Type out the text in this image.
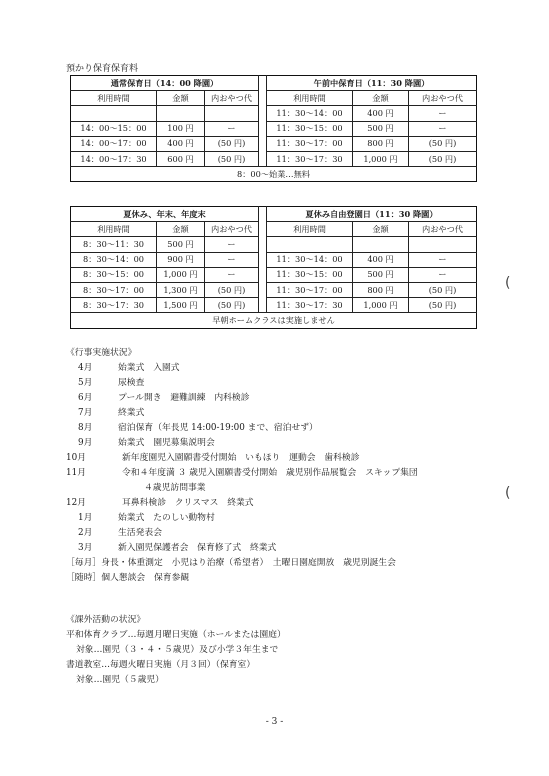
預かり保育保育料
通常保育日（14：00 降園）				午前中保育日（11：30 降園）		
利用時間	金額	内おやつ代		利用時間	金額	内おやつ代
				11：30〜14：00	400 円	ー
14：00〜15：00	100 円	ー		11：30〜15：00	500 円	ー
14：00〜17：00	400 円	(50 円)		11：30〜17：00	800 円	(50 円)
14：00〜17：30	600 円	(50 円)		11：30〜17：30	1,000 円	(50 円)
8：00〜始業…無料						
夏休み、年末、年度末				夏休み自由登園日（11：30 降園）		
利用時間	金額	内おやつ代		利用時間	金額	内おやつ代
8：30〜11：30	500 円	ー				
8：30〜14：00	900 円	ー		11：30〜14：00	400 円	ー
8：30〜15：00	1,000 円	ー		11：30〜15：00	500 円	ー
8：30〜17：00	1,300 円	(50 円)		11：30〜17：00	800 円	(50 円)
8：30〜17：30	1,500 円	(50 円)		11：30〜17：30	1,000 円	(50 円)
早朝ホームクラスは実施しません						
《行事実施状況》
4月	始業式　入園式
5月	尿検査
6月	プール開き　避難訓練　内科検診
7月	終業式
8月	宿泊保育（年長児 14:00-19:00 まで、宿泊せず）
9月	始業式　園児募集説明会
10月	新年度園児入園願書受付開始　いもほり　運動会　歯科検診
11月	令和４年度満 ３ 歳児入園願書受付開始　歳児別作品展覧会　スキップ集団
４歳児訪問事業
12月	耳鼻科検診　クリスマス　終業式
1月	始業式　たのしい動物村
2月	生活発表会
3月	新入園児保護者会　保育修了式　終業式
［毎月］身長・体重測定　小児はり治療（希望者）　土曜日園庭開放　歳児別誕生会
［随時］個人懇談会　保育参観
《課外活動の状況》
平和体育クラブ…毎週月曜日実施（ホールまたは園庭）
対象…園児（３・４・５歳児）及び小学３年生まで
書道教室…毎週火曜日実施（月３回）（保育室）
対象…園児（５歳児）
- 3 -
(
(
